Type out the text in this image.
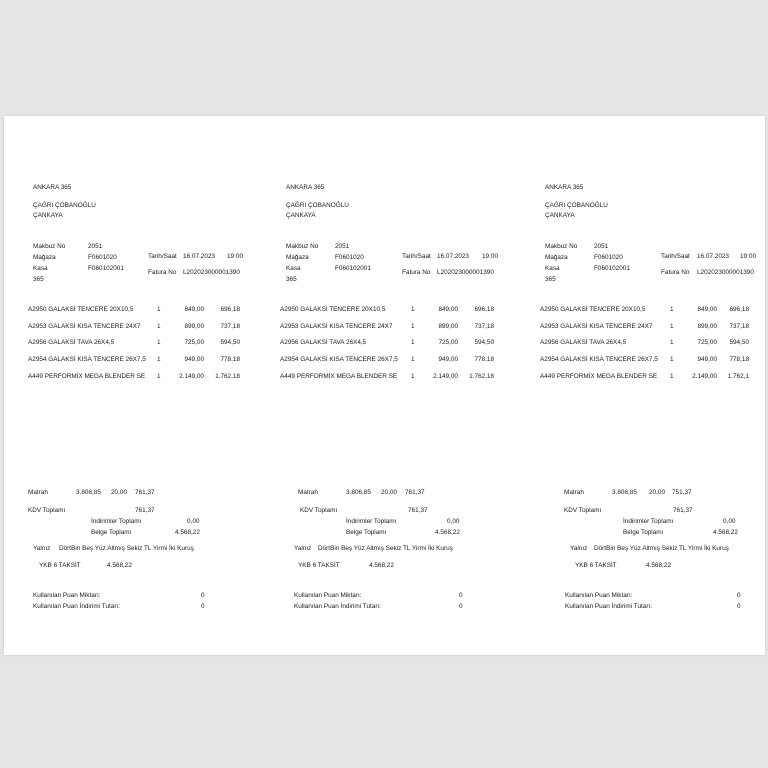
ANKARA 365
ÇAĞRI ÇOBANOĞLU
ÇANKAYA
Makbuz No	2051
Mağaza	F0601020
Kasa	F060102001
365
Tarih/Saat 16.07.2023 19:00
Fatura No L202023000001390
A2950 GALAKSİ TENCERE 20X10,5	1	849,00	696,18
A2953 GALAKSİ KISA TENCERE 24X7	1	899,00	737,18
A2956 GALAKSİ TAVA 26X4,5	1	725,00	594,50
A2954 GALAKSİ KISA TENCERE 26X7,5 1	949,00	778,18
A449 PERFORMİX MEGA BLENDER SE 1	2.149,00	1.762,18
Matrah	3.806,85 20,00 761,37
KDV Toplamı	761,37
İndirimler Toplamı	0,00
Belge Toplamı	4.568,22
Yalnız DörtBin Beş Yüz Altmış Sekiz TL Yirmi İki Kuruş
YKB 6 TAKSİT	4.568,22
Kullanılan Puan Miktarı:	0
Kullanılan Puan İndirimi Tutarı:	0
ANKARA 365
ÇAĞRI ÇOBANOĞLU
ÇANKAYA
Makbuz No	2051
Mağaza	F0601020
Kasa	F060102001
365
Tarih/Saat 16.07.2023 19:00
Fatura No L202023000001390
A2950 GALAKSİ TENCERE 20X10,5	1	849,00	696,18
A2953 GALAKSİ KISA TENCERE 24X7	1	899,00	737,18
A2956 GALAKSİ TAVA 26X4,5	1	725,00	594,50
A2954 GALAKSİ KISA TENCERE 26X7,5 1	949,00	778,18
A449 PERFORMİX MEGA BLENDER SE 1	2.149,00	1.762,18
Matrah	3.806,85 20,00 761,37
KDV Toplamı	761,37
İndirimler Toplamı	0,00
Belge Toplamı	4.568,22
Yalnız DörtBin Beş Yüz Altmış Sekiz TL Yirmi İki Kuruş
YKB 6 TAKSİT	4.568,22
Kullanılan Puan Miktarı:	0
Kullanılan Puan İndirimi Tutarı:	0
ANKARA 365
ÇAĞRI ÇOBANOĞLU
ÇANKAYA
Makbuz No	2051
Mağaza	F0601020
Kasa	F060102001
365
Tarih/Saat 16.07.2023 19:00
Fatura No L202023000001390
A2950 GALAKSİ TENCERE 20X10,5	1	849,00	696,18
A2953 GALAKSİ KISA TENCERE 24X7	1	899,00	737,18
A2956 GALAKSİ TAVA 26X4,5	1	725,00	594,50
A2954 GALAKSİ KISA TENCERE 26X7,5 1	949,00	778,18
A449 PERFORMİX MEGA BLENDER SE 1	2.149,00	1.762,1
Matrah	3.806,85 20,00 751,37
KDV Toplamı	761,37
İndirimler Toplamı	0,00
Belge Toplamı	4.568,22
Yalnız DörtBin Beş Yüz Altmış Sekiz TL Yirmi İki Kuruş
YKB 6 TAKSİT	4.568,22
Kullanılan Puan Miktarı:	0
Kullanılan Puan İndirimi Tutarı:	0
